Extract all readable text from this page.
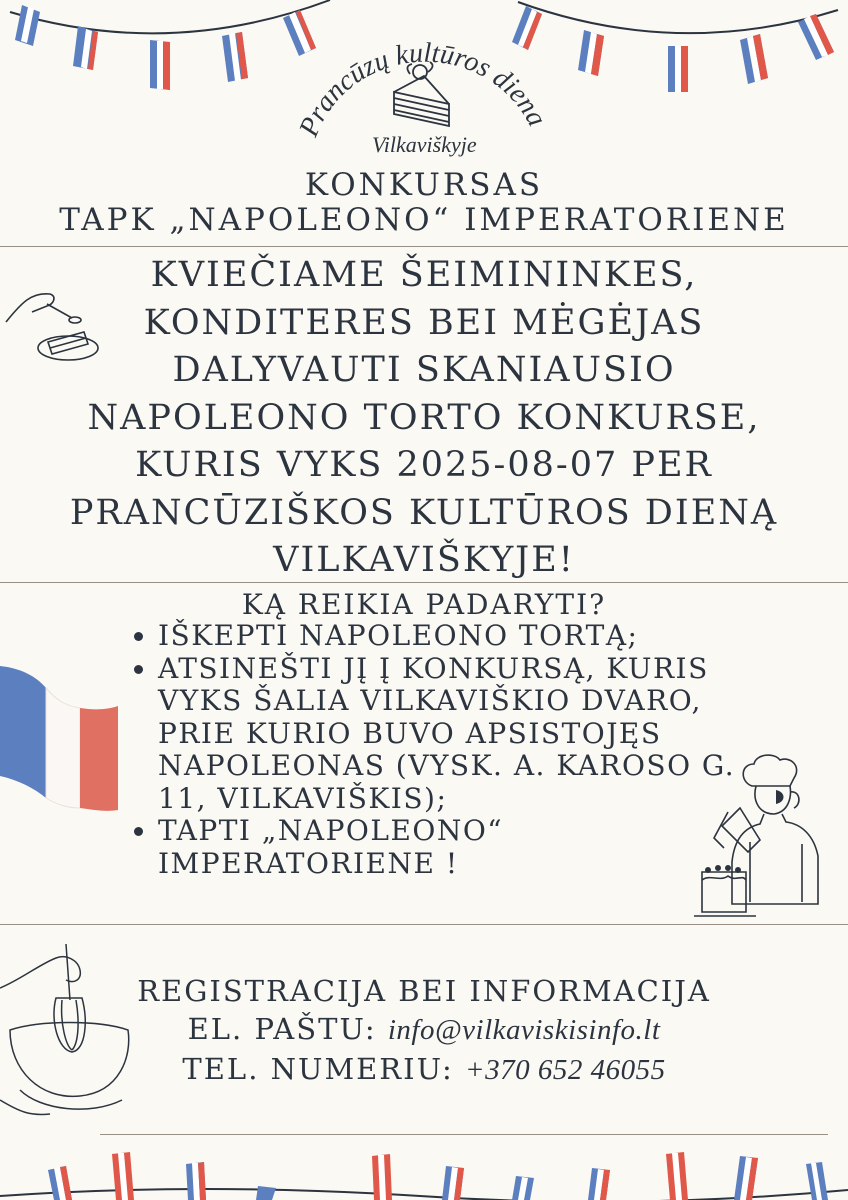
Prancūzų kultūros diena
Vilkaviškyje
KONKURSAS
TAPK „NAPOLEONO“ IMPERATORIENE
KVIEČIAME ŠEIMININKES,
KONDITERES BEI MĖGĖJAS
DALYVAUTI SKANIAUSIO
NAPOLEONO TORTO KONKURSE,
KURIS VYKS 2025-08-07 PER
PRANCŪZIŠKOS KULTŪROS DIENĄ
VILKAVIŠKYJE!
KĄ REIKIA PADARYTI?
• IŠKEPTI NAPOLEONO TORTĄ;
• ATSINEŠTI JĮ Į KONKURSĄ, KURIS VYKS ŠALIA VILKAVIŠKIO DVARO, PRIE KURIO BUVO APSISTOJĘS NAPOLEONAS (VYSK. A. KAROSO G. 11, VILKAVIŠKIS);
• TAPTI „NAPOLEONO“ IMPERATORIENE !
REGISTRACIJA BEI INFORMACIJA
EL. PAŠTU: info@vilkaviskisinfo.lt
TEL. NUMERIU: +370 652 46055
